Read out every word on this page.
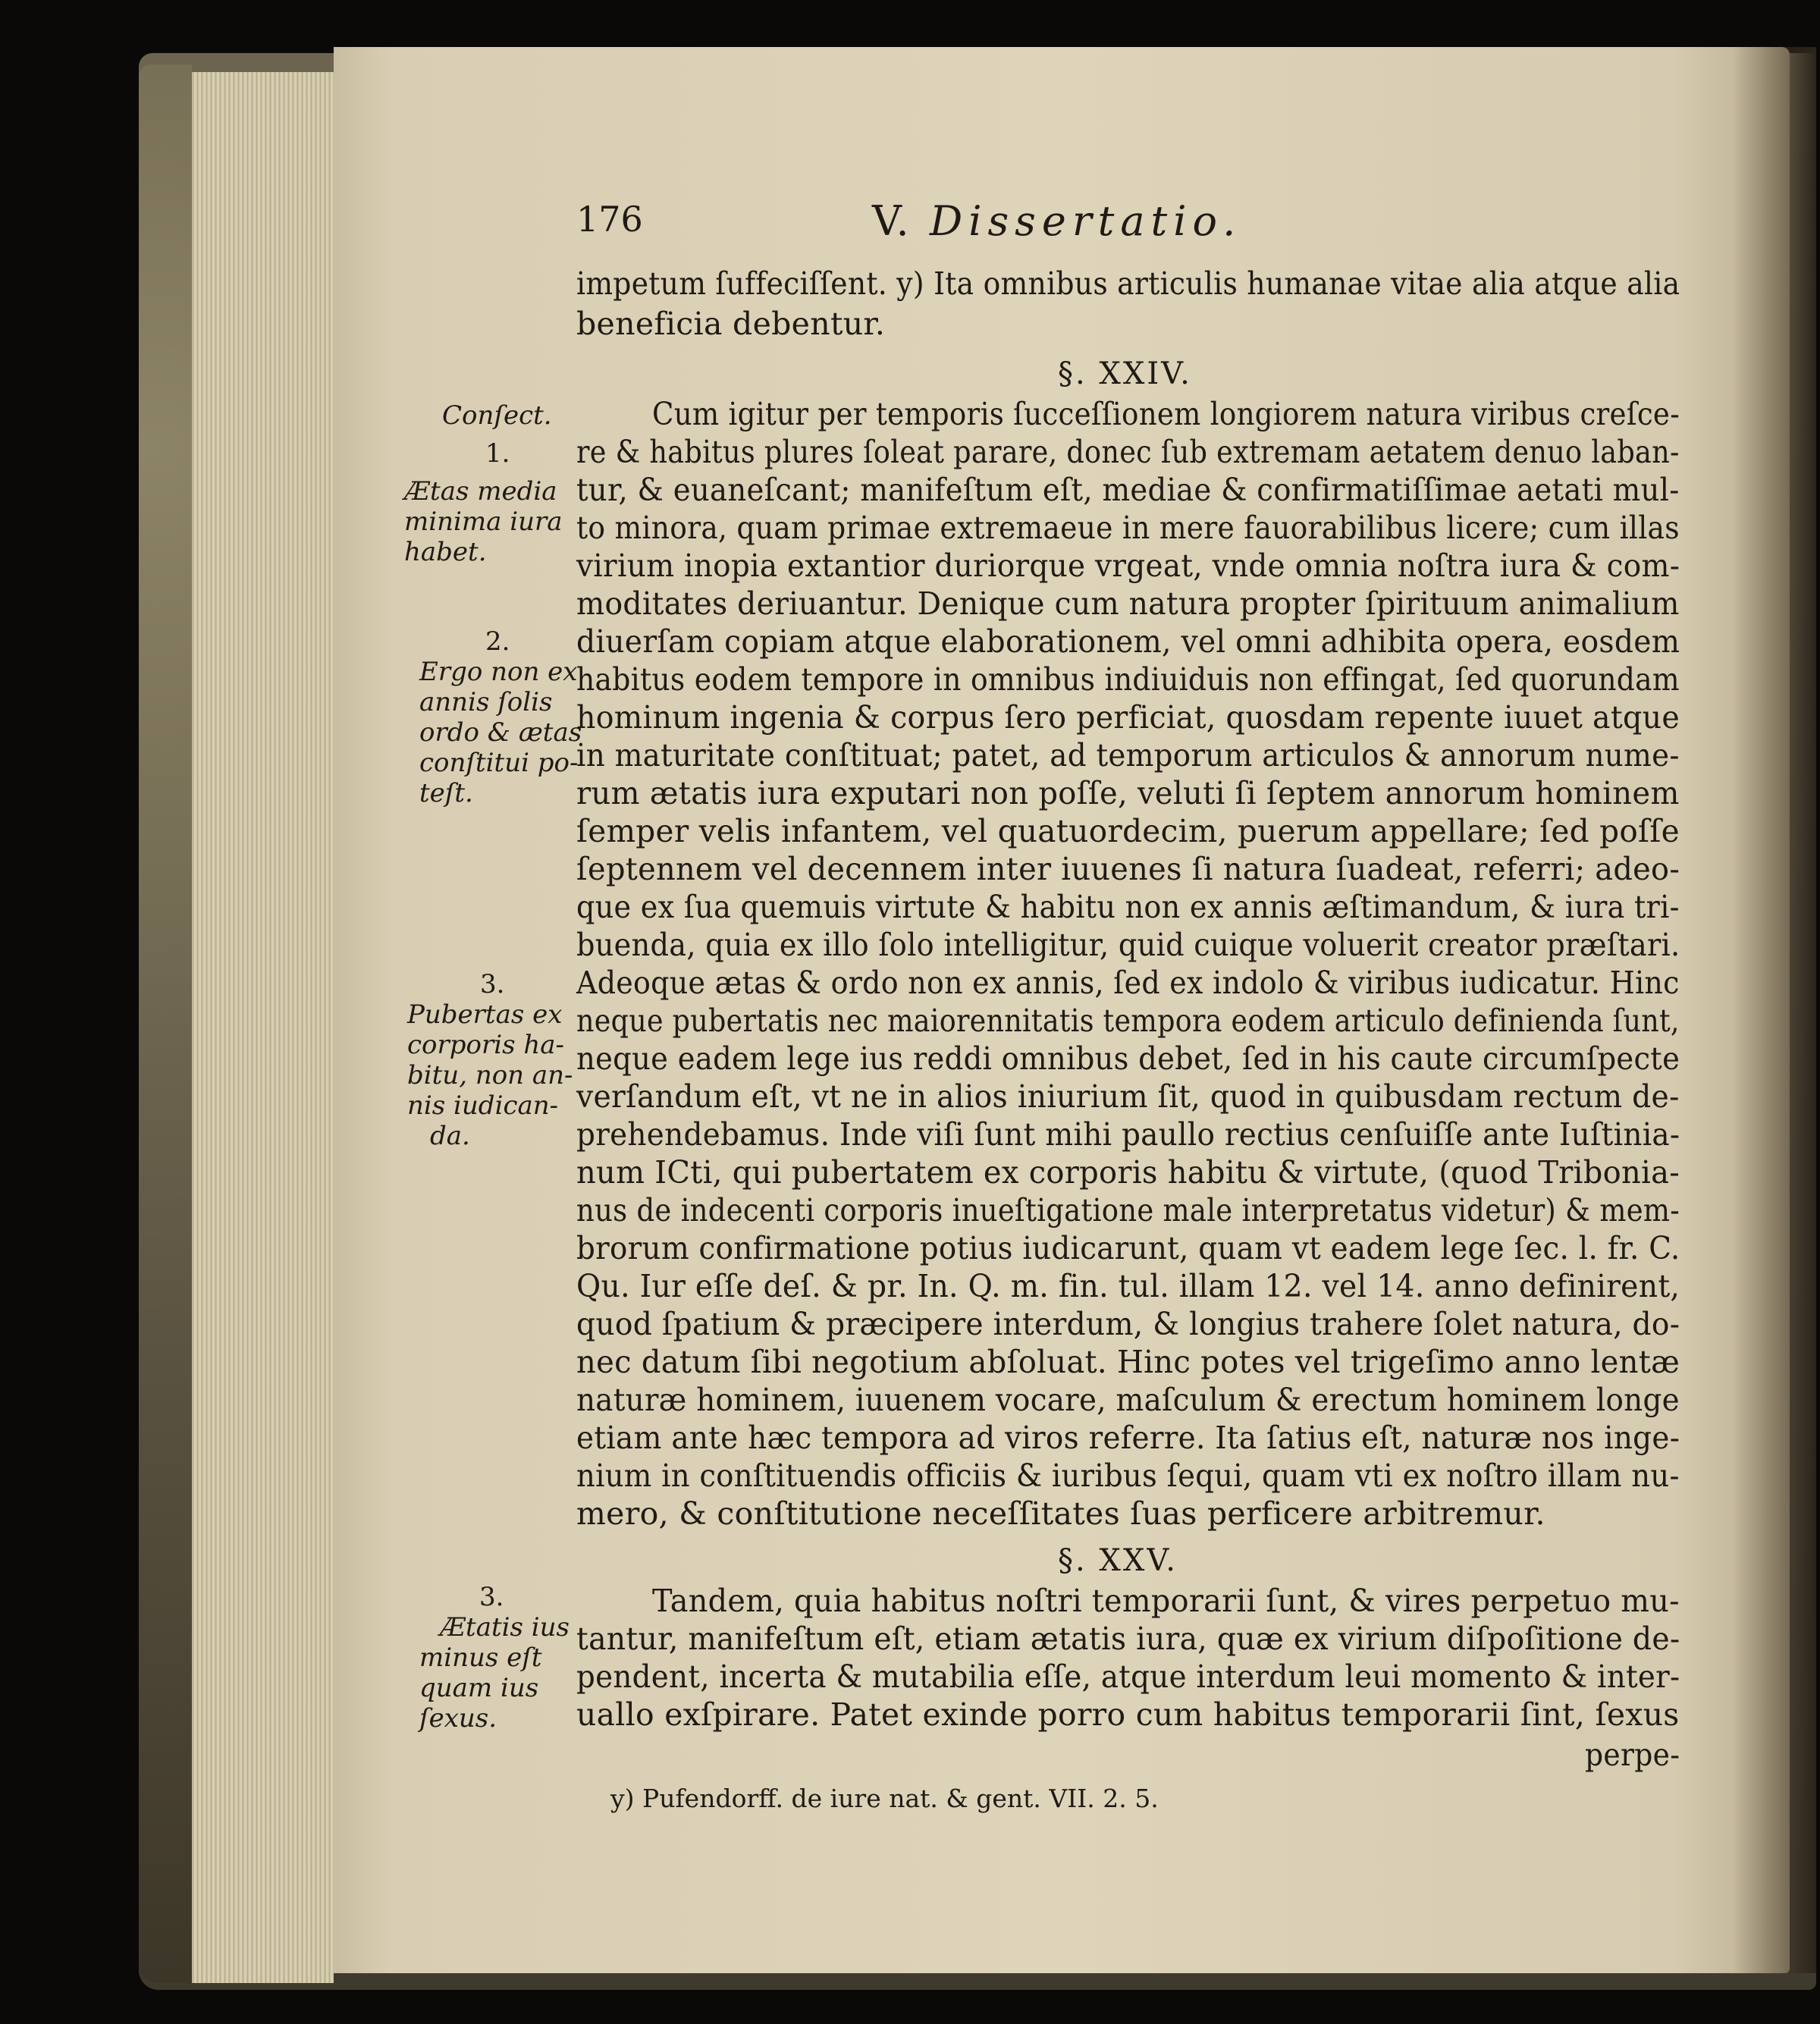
176	V. Dissertatio.
impetum ſuffeciſſent. y) Ita omnibus articulis humanae vitae alia atque alia
beneficia debentur.
§. XXIV.
Cum igitur per temporis ſucceſſionem longiorem natura viribus creſce-
re & habitus plures ſoleat parare, donec ſub extremam aetatem denuo laban-
tur, & euaneſcant; manifeſtum eſt, mediae & confirmatiſſimae aetati mul-
to minora, quam primae extremaeue in mere fauorabilibus licere; cum illas
virium inopia extantior duriorque vrgeat, vnde omnia noſtra iura & com-
moditates deriuantur. Denique cum natura propter ſpirituum animalium
diuerſam copiam atque elaborationem, vel omni adhibita opera, eosdem
habitus eodem tempore in omnibus indiuiduis non effingat, ſed quorundam
hominum ingenia & corpus ſero perficiat, quosdam repente iuuet atque
in maturitate conſtituat; patet, ad temporum articulos & annorum nume-
rum ætatis iura exputari non poſſe, veluti ſi ſeptem annorum hominem
ſemper velis infantem, vel quatuordecim, puerum appellare; ſed poſſe
ſeptennem vel decennem inter iuuenes ſi natura ſuadeat, referri; adeo-
que ex ſua quemuis virtute & habitu non ex annis æſtimandum, & iura tri-
buenda, quia ex illo ſolo intelligitur, quid cuique voluerit creator præſtari.
Adeoque ætas & ordo non ex annis, ſed ex indolo & viribus iudicatur. Hinc
neque pubertatis nec maiorennitatis tempora eodem articulo definienda ſunt,
neque eadem lege ius reddi omnibus debet, ſed in his caute circumſpecte
verſandum eſt, vt ne in alios iniurium ſit, quod in quibusdam rectum de-
prehendebamus. Inde viſi ſunt mihi paullo rectius cenſuiſſe ante Iuſtinia-
num ICti, qui pubertatem ex corporis habitu & virtute, (quod Tribonia-
nus de indecenti corporis inueſtigatione male interpretatus videtur) & mem-
brorum confirmatione potius iudicarunt, quam vt eadem lege ſec. l. fr. C.
Qu. Iur eſſe deſ. & pr. In. Q. m. fin. tul. illam 12. vel 14. anno definirent,
quod ſpatium & præcipere interdum, & longius trahere ſolet natura, do-
nec datum ſibi negotium abſoluat. Hinc potes vel trigeſimo anno lentæ
naturæ hominem, iuuenem vocare, maſculum & erectum hominem longe
etiam ante hæc tempora ad viros referre. Ita ſatius eſt, naturæ nos inge-
nium in conſtituendis officiis & iuribus ſequi, quam vti ex noſtro illam nu-
mero, & conſtitutione neceſſitates ſuas perficere arbitremur.
§. XXV.
Tandem, quia habitus noſtri temporarii ſunt, & vires perpetuo mu-
tantur, manifeſtum eſt, etiam ætatis iura, quæ ex virium diſpoſitione de-
pendent, incerta & mutabilia eſſe, atque interdum leui momento & inter-
uallo exſpirare. Patet exinde porro cum habitus temporarii ſint, ſexus
perpe-
Conſect.
1.
Ætas media
minima iura
habet.
2.
Ergo non ex
annis ſolis
ordo & ætas
conſtitui po-
teſt.
3.
Pubertas ex
corporis ha-
bitu, non an-
nis iudican-
da.
3.
Ætatis ius
minus eſt
quam ius
ſexus.
y) Pufendorff. de iure nat. & gent. VII. 2. 5.
